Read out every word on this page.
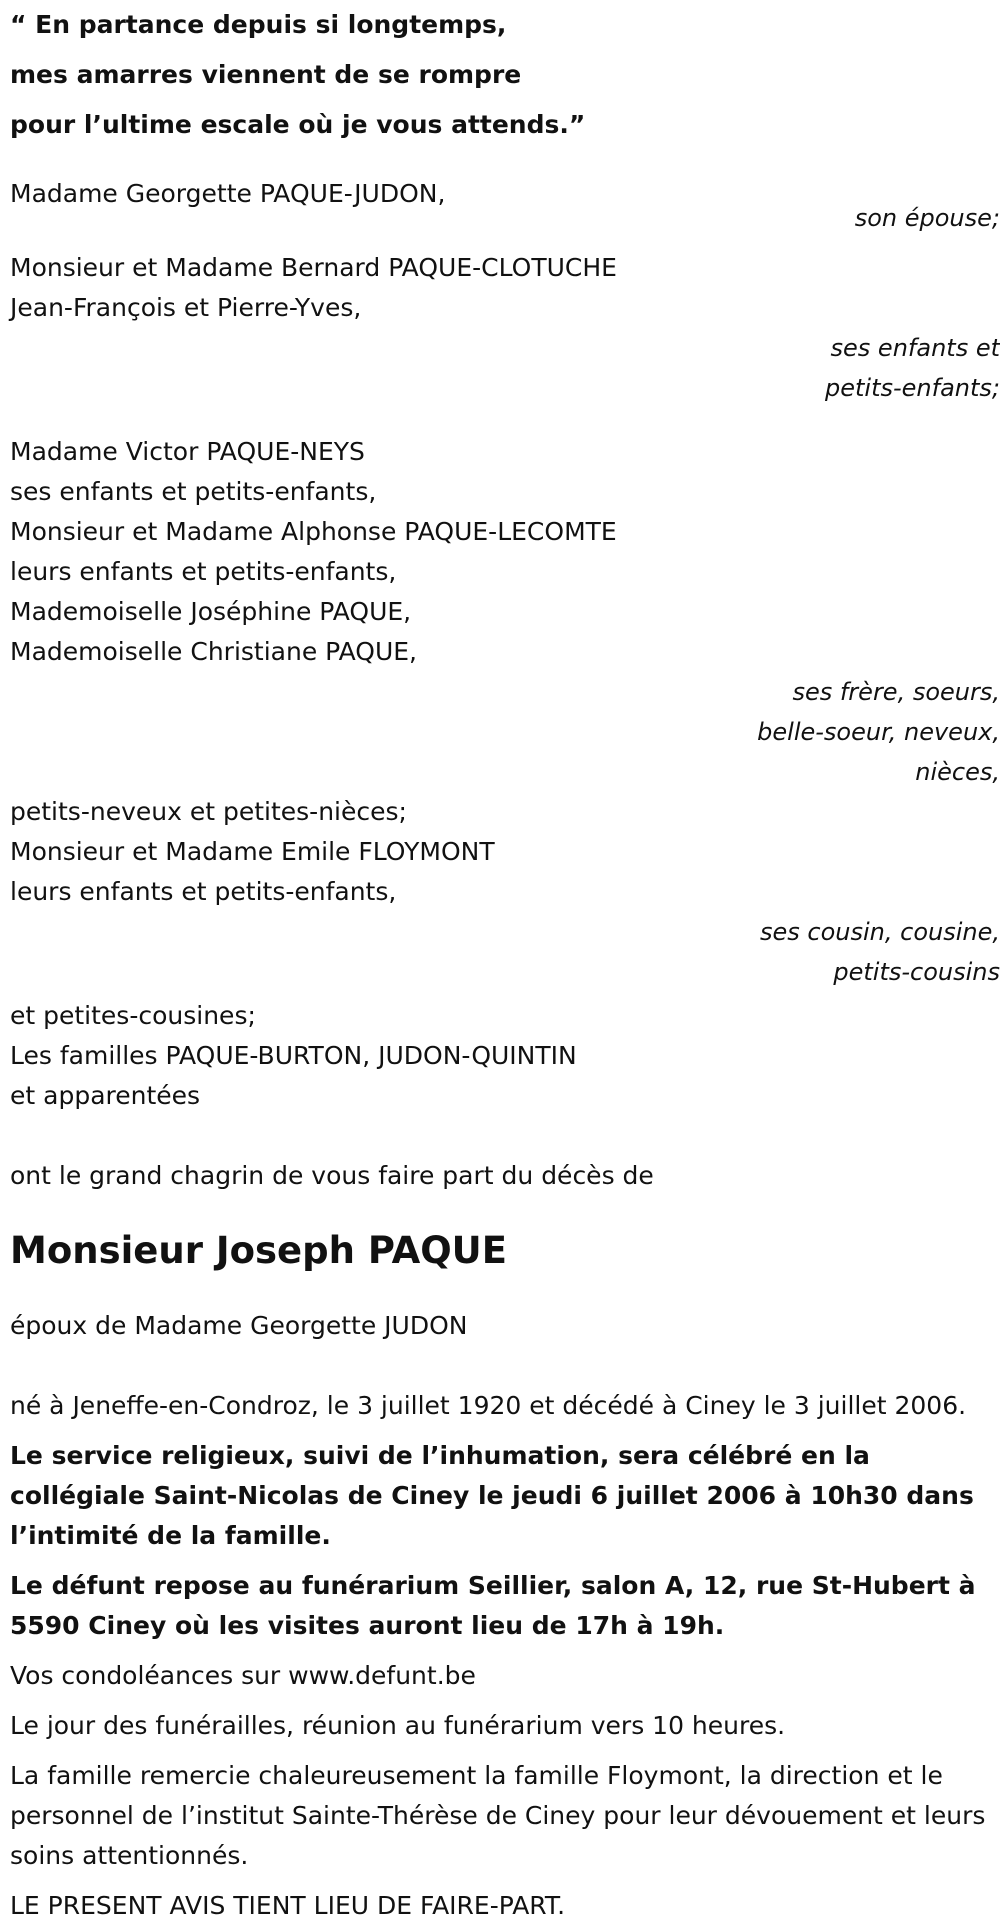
“ En partance depuis si longtemps,
mes amarres viennent de se rompre
pour l’ultime escale où je vous attends.”
Madame Georgette PAQUE-JUDON,
son épouse;
Monsieur et Madame Bernard PAQUE-CLOTUCHE
Jean-François et Pierre-Yves,
ses enfants et
petits-enfants;
Madame Victor PAQUE-NEYS
ses enfants et petits-enfants,
Monsieur et Madame Alphonse PAQUE-LECOMTE
leurs enfants et petits-enfants,
Mademoiselle Joséphine PAQUE,
Mademoiselle Christiane PAQUE,
ses frère, soeurs,
belle-soeur, neveux,
nièces,
petits-neveux et petites-nièces;
Monsieur et Madame Emile FLOYMONT
leurs enfants et petits-enfants,
ses cousin, cousine,
petits-cousins
et petites-cousines;
Les familles PAQUE-BURTON, JUDON-QUINTIN
et apparentées
ont le grand chagrin de vous faire part du décès de
Monsieur Joseph PAQUE
époux de Madame Georgette JUDON
né à Jeneffe-en-Condroz, le 3 juillet 1920 et décédé à Ciney le 3 juillet 2006.
Le service religieux, suivi de l’inhumation, sera célébré en la collégiale Saint-Nicolas de Ciney le jeudi 6 juillet 2006 à 10h30 dans l’intimité de la famille.
Le défunt repose au funérarium Seillier, salon A, 12, rue St-Hubert à 5590 Ciney où les visites auront lieu de 17h à 19h.
Vos condoléances sur www.defunt.be
Le jour des funérailles, réunion au funérarium vers 10 heures.
La famille remercie chaleureusement la famille Floymont, la direction et le personnel de l’institut Sainte-Thérèse de Ciney pour leur dévouement et leurs soins attentionnés.
LE PRESENT AVIS TIENT LIEU DE FAIRE-PART.
